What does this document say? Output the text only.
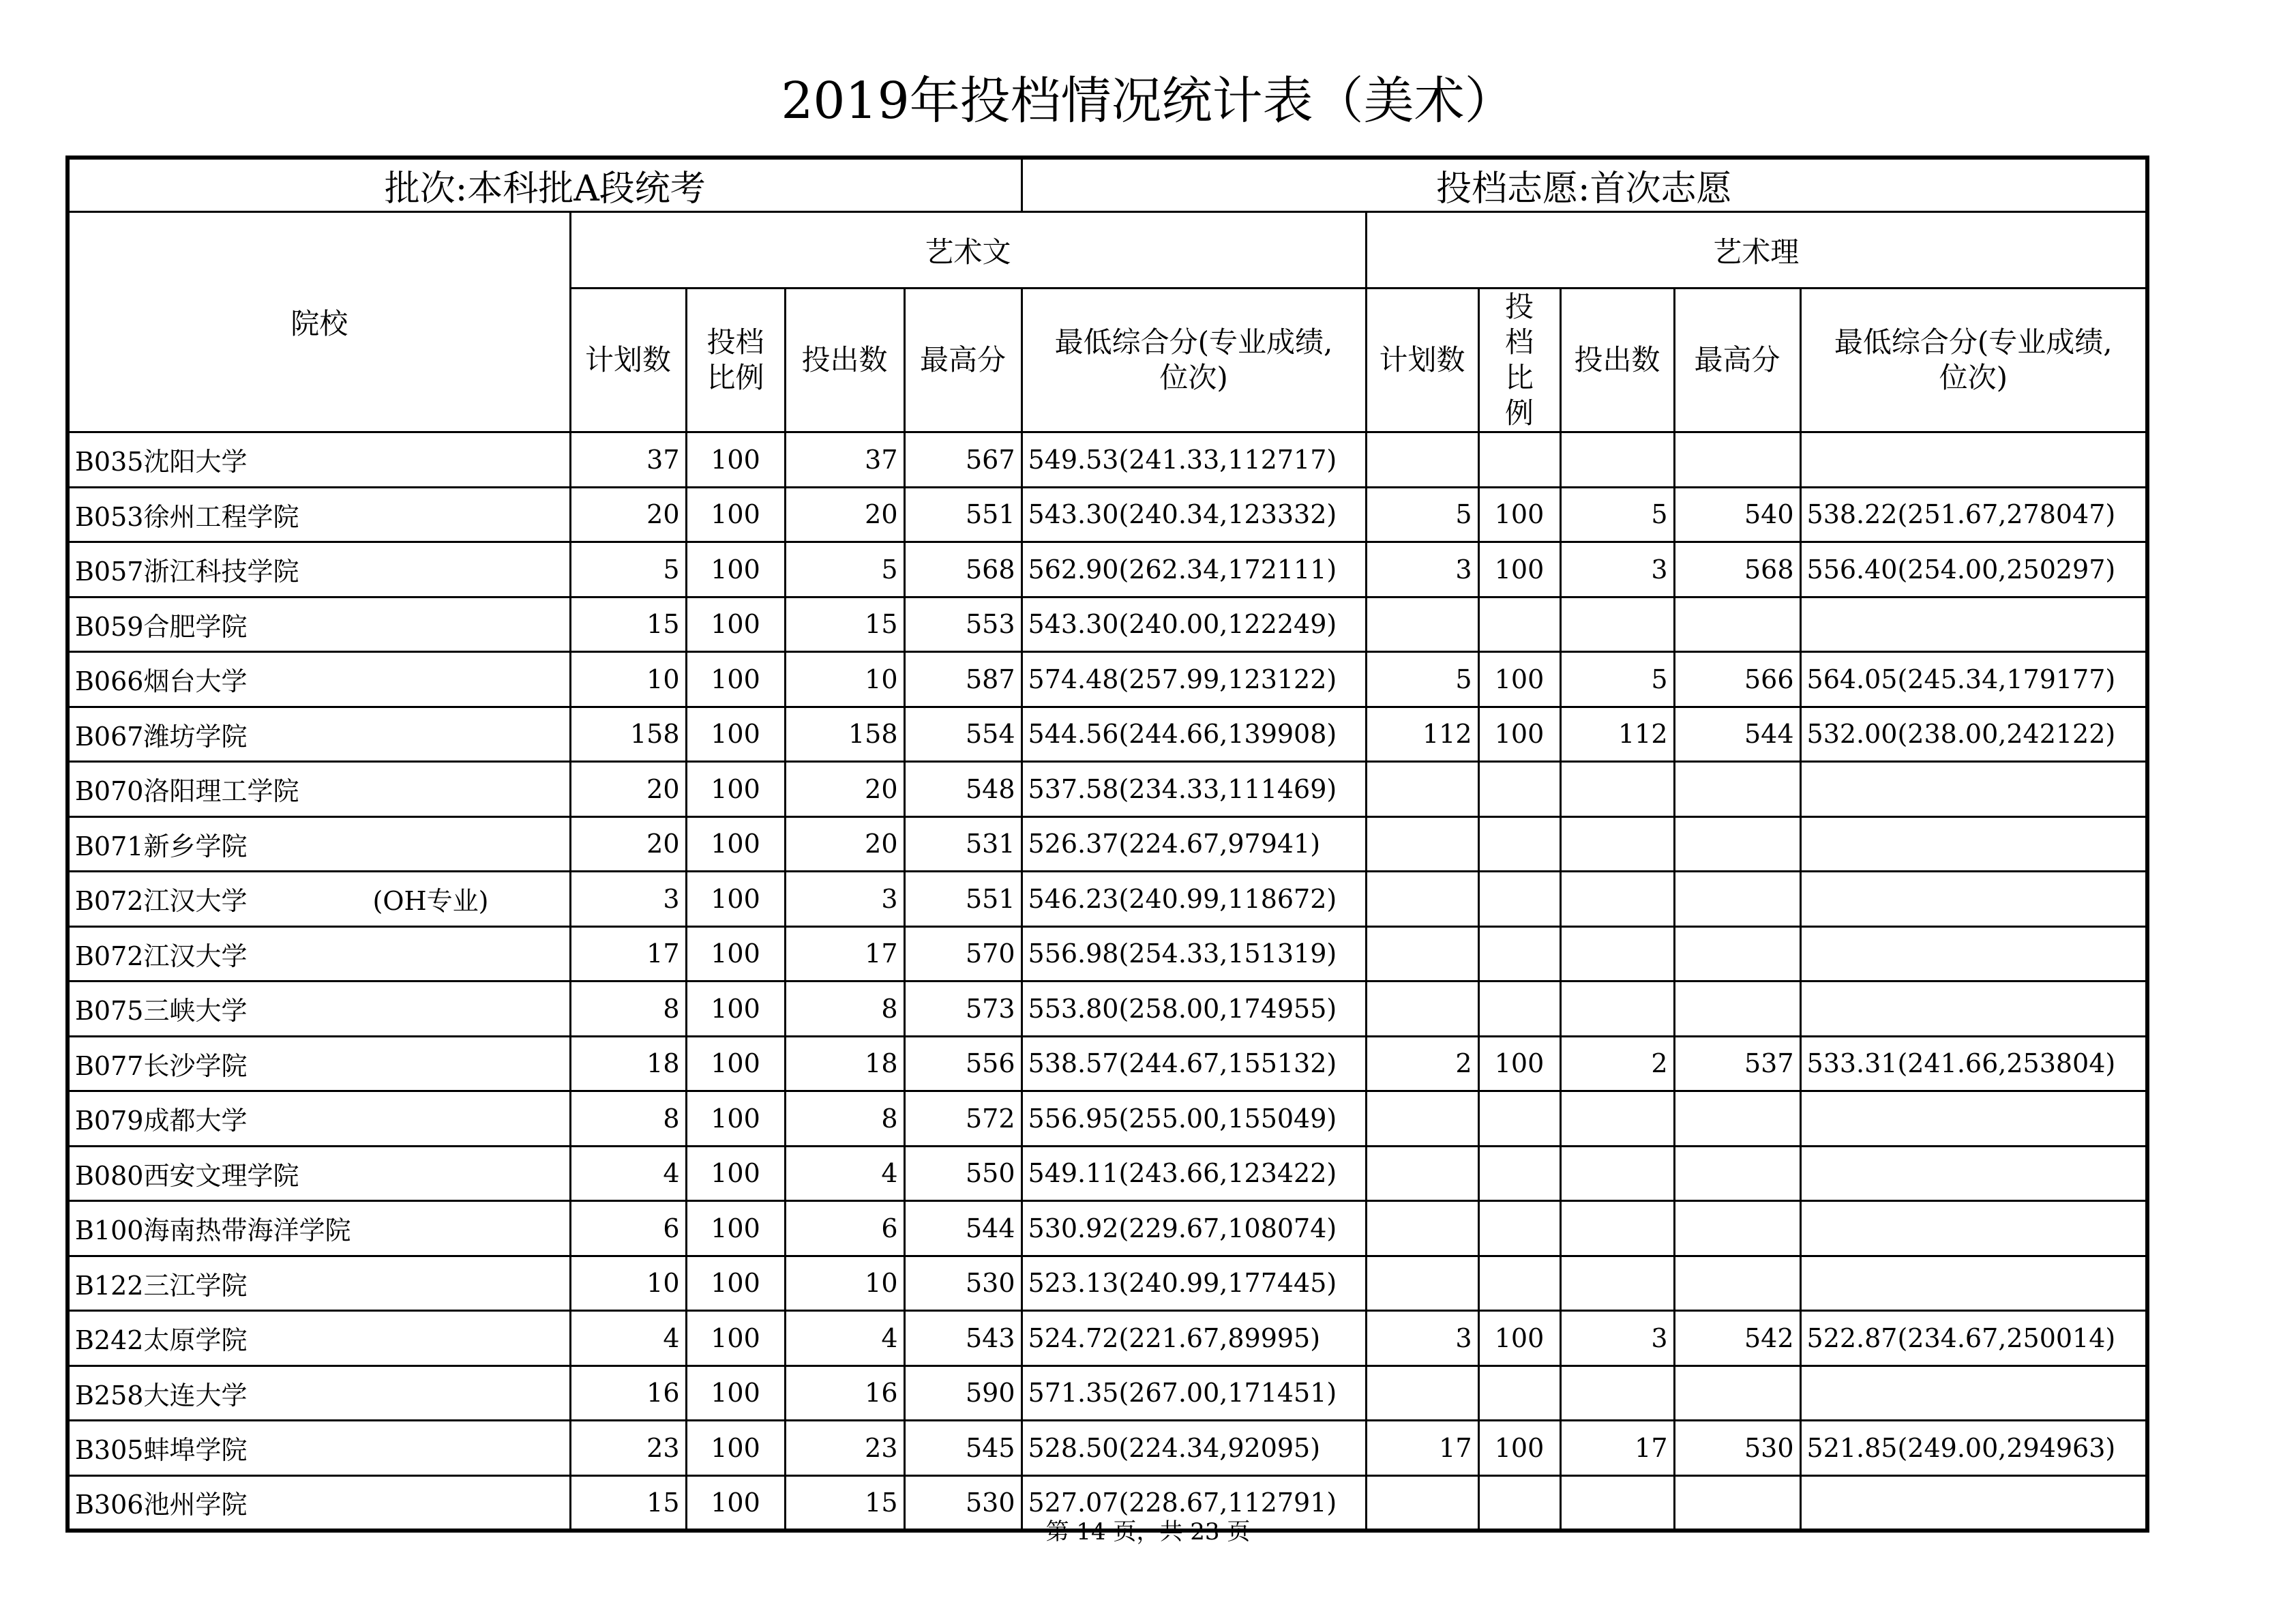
2019年投档情况统计表（美术）
批次:本科批A段统考					投档志愿:首次志愿					
院校	艺术文					艺术理				
	计划数	投档比例	投出数	最高分	最低综合分(专业成绩,位次)	计划数	投档比例	投出数	最高分	最低综合分(专业成绩,位次)

B035沈阳大学	37	100	37	567	549.53(241.33,112717)					

B053徐州工程学院	20	100	20	551	543.30(240.34,123332)	5	100	5	540	538.22(251.67,278047)

B057浙江科技学院	5	100	5	568	562.90(262.34,172111)	3	100	3	568	556.40(254.00,250297)

B059合肥学院	15	100	15	553	543.30(240.00,122249)					

B066烟台大学	10	100	10	587	574.48(257.99,123122)	5	100	5	566	564.05(245.34,179177)

B067潍坊学院	158	100	158	554	544.56(244.66,139908)	112	100	112	544	532.00(238.00,242122)

B070洛阳理工学院	20	100	20	548	537.58(234.33,111469)					

B071新乡学院	20	100	20	531	526.37(224.67,97941)					

B072江汉大学 (OH专业)	3	100	3	551	546.23(240.99,118672)					

B072江汉大学	17	100	17	570	556.98(254.33,151319)					

B075三峡大学	8	100	8	573	553.80(258.00,174955)					

B077长沙学院	18	100	18	556	538.57(244.67,155132)	2	100	2	537	533.31(241.66,253804)

B079成都大学	8	100	8	572	556.95(255.00,155049)					

B080西安文理学院	4	100	4	550	549.11(243.66,123422)					

B100海南热带海洋学院	6	100	6	544	530.92(229.67,108074)					

B122三江学院	10	100	10	530	523.13(240.99,177445)					

B242太原学院	4	100	4	543	524.72(221.67,89995)	3	100	3	542	522.87(234.67,250014)

B258大连大学	16	100	16	590	571.35(267.00,171451)					

B305蚌埠学院	23	100	23	545	528.50(224.34,92095)	17	100	17	530	521.85(249.00,294963)

B306池州学院	15	100	15	530	527.07(228.67,112791)					
第 14 页，共 23 页
